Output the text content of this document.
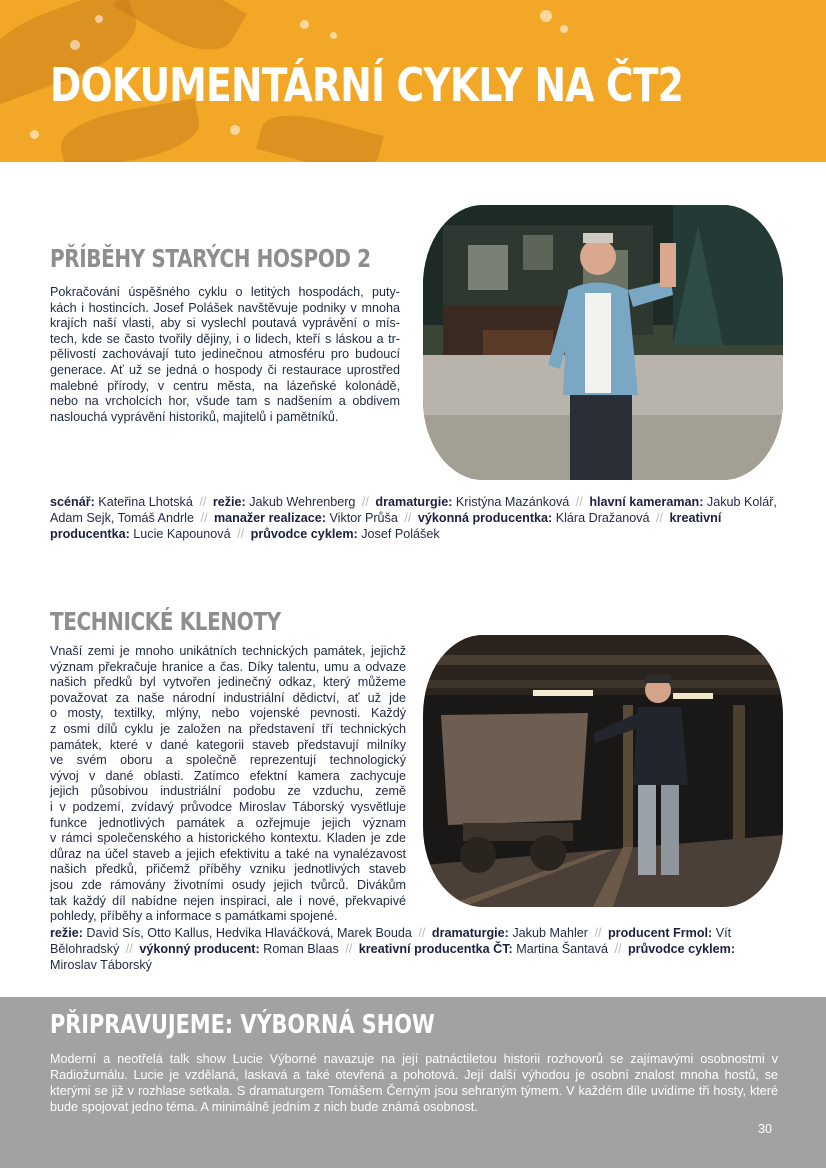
DOKUMENTÁRNÍ CYKLY NA ČT2
PŘÍBĚHY STARÝCH HOSPOD 2
Pokračování úspěšného cyklu o letitých hospodách, puty-
kách i hostincích. Josef Polášek navštěvuje podniky v mnoha
krajích naší vlasti, aby si vyslechl poutavá vyprávění o mís-
tech, kde se často tvořily dějiny, i o lidech, kteří s láskou a tr-
pělivostí zachovávají tuto jedinečnou atmosféru pro budoucí
generace. Ať už se jedná o hospody či restaurace uprostřed
malebné přírody, v centru města, na lázeňské kolonádě,
nebo na vrcholcích hor, všude tam s nadšením a obdivem
naslouchá vyprávění historiků, majitelů i pamětníků.
scénář: Kateřina Lhotská // režie: Jakub Wehrenberg // dramaturgie: Kristýna Mazánková // hlavní kameraman: Jakub Kolář, Adam Sejk, Tomáš Andrle // manažer realizace: Viktor Průša // výkonná producentka: Klára Dražanová // kreativní producentka: Lucie Kapounová // průvodce cyklem: Josef Polášek
TECHNICKÉ KLENOTY
Vnaší zemi je mnoho unikátních technických památek, jejichž
význam překračuje hranice a čas. Díky talentu, umu a odvaze
našich předků byl vytvořen jedinečný odkaz, který můžeme
považovat za naše národní industriální dědictví, ať už jde
o mosty, textilky, mlýny, nebo vojenské pevnosti. Každý
z osmi dílů cyklu je založen na představení tří technických
památek, které v dané kategorii staveb představují milníky
ve svém oboru a společně reprezentují technologický
vývoj v dané oblasti. Zatímco efektní kamera zachycuje
jejich působivou industriální podobu ze vzduchu, země
i v podzemí, zvídavý průvodce Miroslav Táborský vysvětluje
funkce jednotlivých památek a ozřejmuje jejich význam
v rámci společenského a historického kontextu. Kladen je zde
důraz na účel staveb a jejich efektivitu a také na vynalézavost
našich předků, přičemž příběhy vzniku jednotlivých staveb
jsou zde rámovány životními osudy jejich tvůrců. Divákům
tak každý díl nabídne nejen inspiraci, ale i nové, překvapivé
pohledy, příběhy a informace s památkami spojené.
režie: David Sís, Otto Kallus, Hedvika Hlaváčková, Marek Bouda // dramaturgie: Jakub Mahler // producent Frmol: Vít Bělohradský // výkonný producent: Roman Blaas // kreativní producentka ČT: Martina Šantavá // průvodce cyklem: Miroslav Táborský
PŘIPRAVUJEME: VÝBORNÁ SHOW
Moderní a neotřelá talk show Lucie Výborné navazuje na její patnáctiletou historii rozhovorů se zajímavými osobnostmi v Radiožurnálu. Lucie je vzdělaná, laskavá a také otevřená a pohotová. Její další výhodou je osobní znalost mnoha hostů, se kterými se již v rozhlase setkala. S dramaturgem Tomášem Černým jsou sehraným týmem. V každém díle uvidíme tři hosty, které bude spojovat jedno téma. A minimálně jedním z nich bude známá osobnost.
30
